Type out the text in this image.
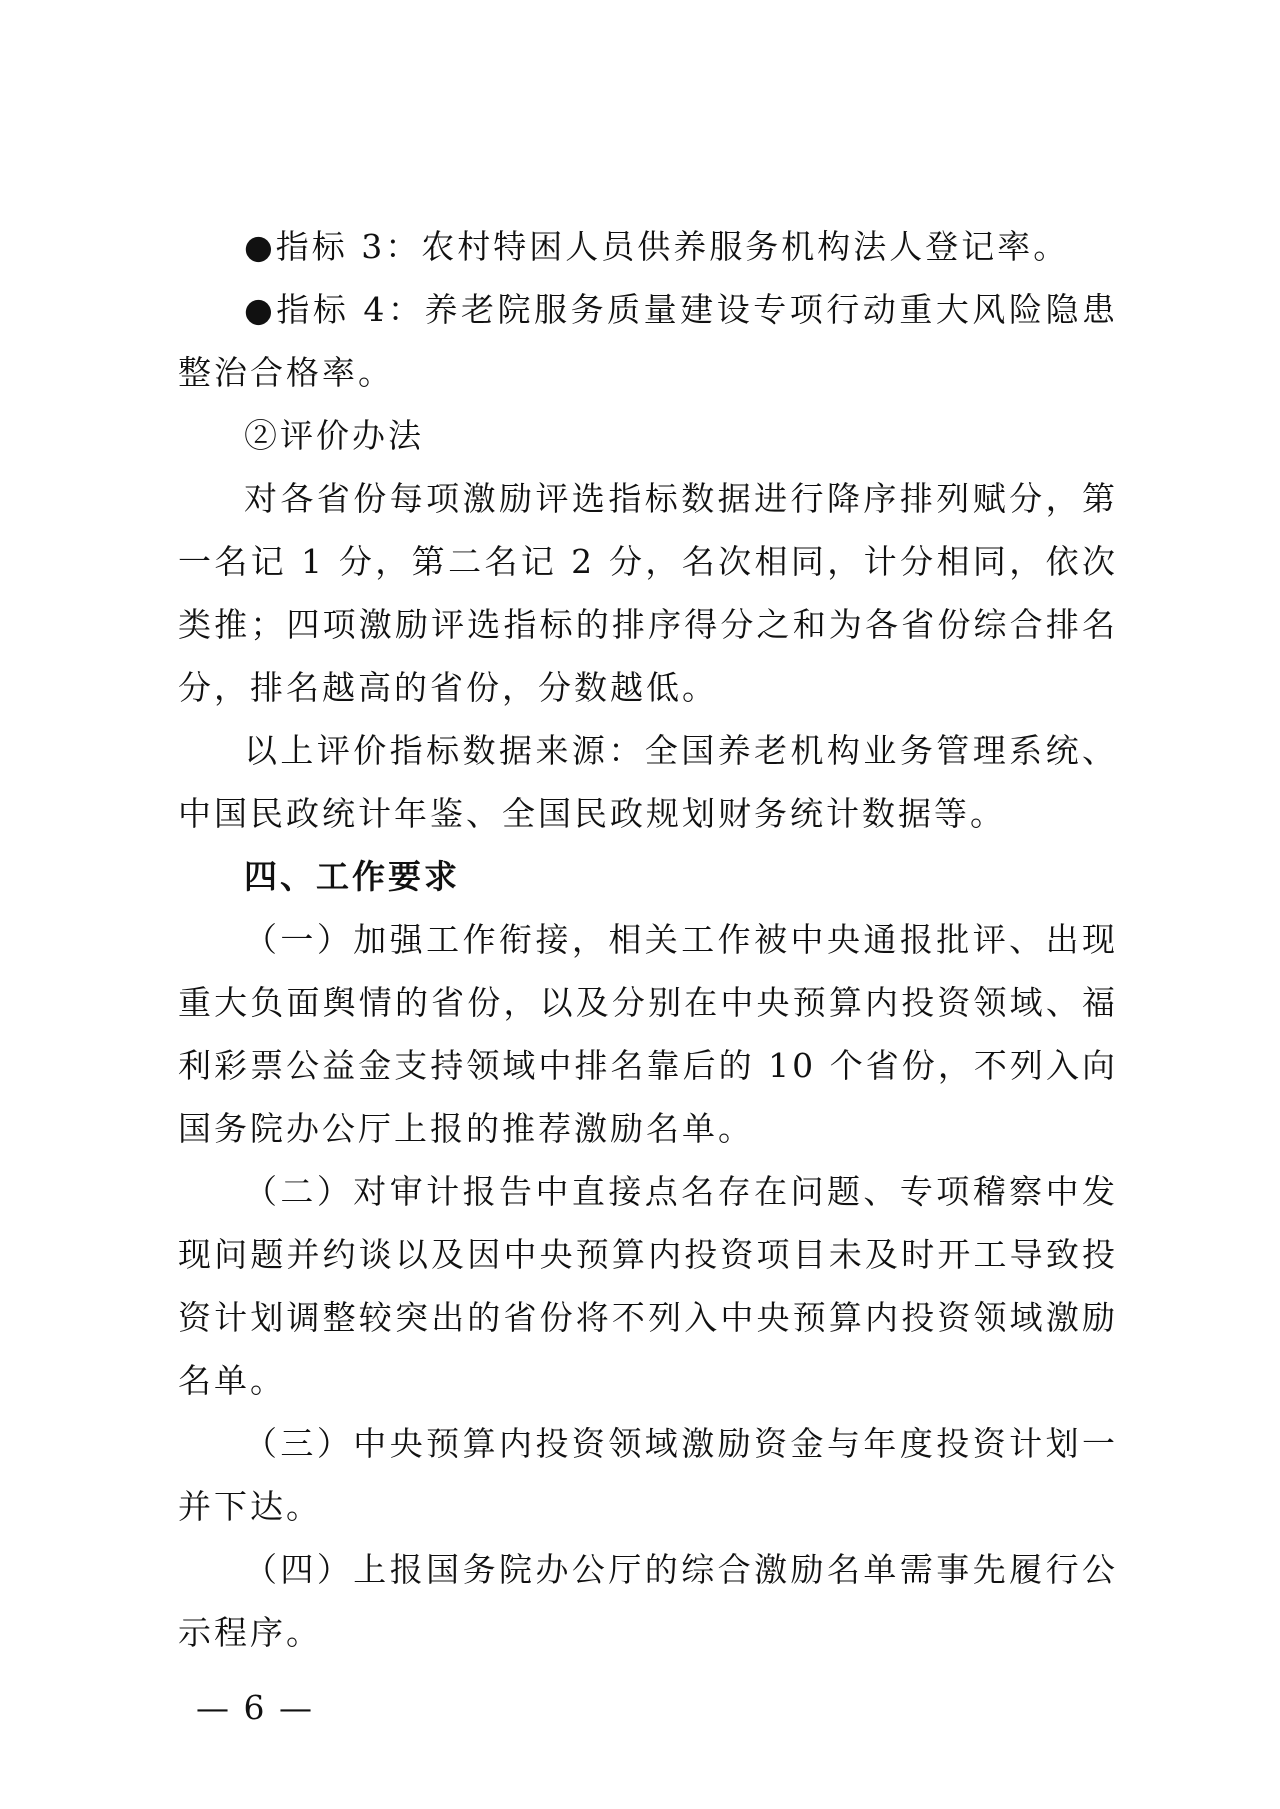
●指标 3：农村特困人员供养服务机构法人登记率。

●指标 4：养老院服务质量建设专项行动重大风险隐患整治合格率。

②评价办法

对各省份每项激励评选指标数据进行降序排列赋分，第一名记 1 分，第二名记 2 分，名次相同，计分相同，依次类推；四项激励评选指标的排序得分之和为各省份综合排名分，排名越高的省份，分数越低。

以上评价指标数据来源：全国养老机构业务管理系统、中国民政统计年鉴、全国民政规划财务统计数据等。

四、工作要求

（一）加强工作衔接，相关工作被中央通报批评、出现重大负面舆情的省份，以及分别在中央预算内投资领域、福利彩票公益金支持领域中排名靠后的 10 个省份，不列入向国务院办公厅上报的推荐激励名单。

（二）对审计报告中直接点名存在问题、专项稽察中发现问题并约谈以及因中央预算内投资项目未及时开工导致投资计划调整较突出的省份将不列入中央预算内投资领域激励名单。

（三）中央预算内投资领域激励资金与年度投资计划一并下达。

（四）上报国务院办公厅的综合激励名单需事先履行公示程序。

— 6 —
